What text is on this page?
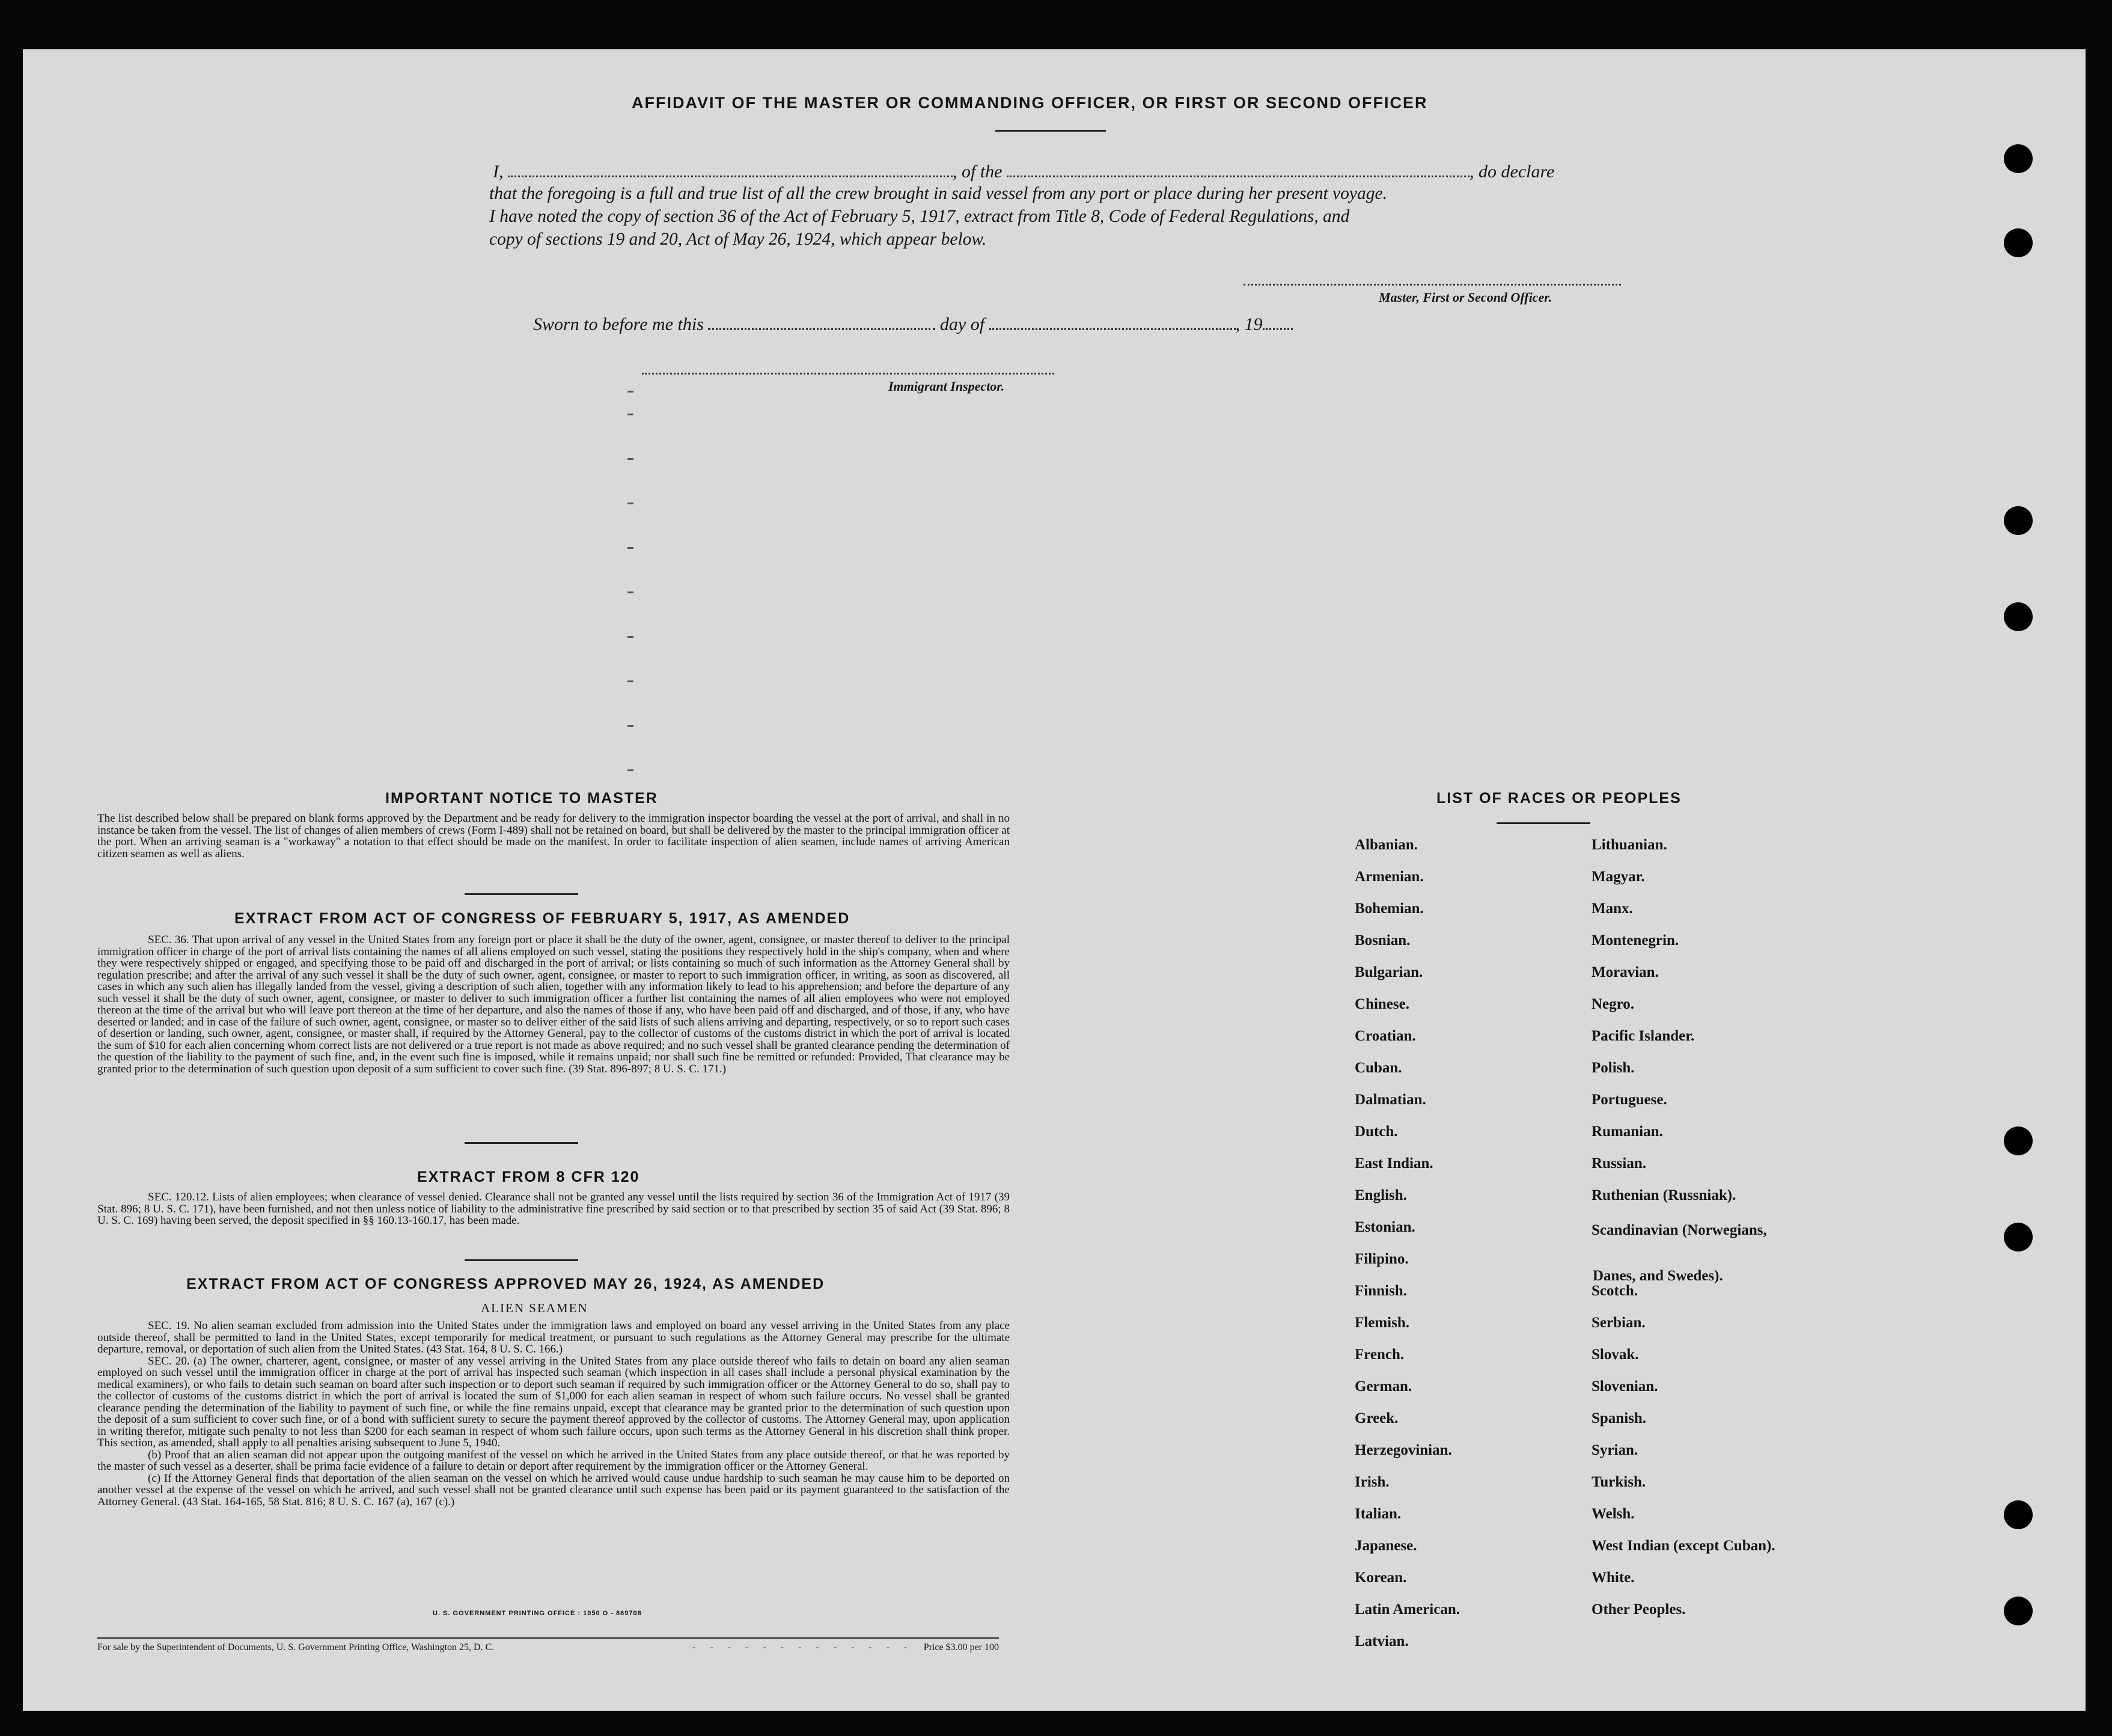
AFFIDAVIT OF THE MASTER OR COMMANDING OFFICER, OR FIRST OR SECOND OFFICER
I,	, of the	, do declare
that the foregoing is a full and true list of all the crew brought in said vessel from any port or place during her present voyage.
I have noted the copy of section 36 of the Act of February 5, 1917, extract from Title 8, Code of Federal Regulations, and
copy of sections 19 and 20, Act of May 26, 1924, which appear below.
Master, First or Second Officer.
Sworn to before me this	day of	, 19
Immigrant Inspector.
IMPORTANT NOTICE TO MASTER
The list described below shall be prepared on blank forms approved by the Department and be ready for delivery to the immigration inspector boarding the vessel at the port of arrival, and shall in no instance be taken from the vessel. The list of changes of alien members of crews (Form I-489) shall not be retained on board, but shall be delivered by the master to the principal immigration officer at the port. When an arriving seaman is a "workaway" a notation to that effect should be made on the manifest. In order to facilitate inspection of alien seamen, include names of arriving American citizen seamen as well as aliens.
EXTRACT FROM ACT OF CONGRESS OF FEBRUARY 5, 1917, AS AMENDED
SEC. 36. That upon arrival of any vessel in the United States from any foreign port or place it shall be the duty of the owner, agent, consignee, or master thereof to deliver to the principal immigration officer in charge of the port of arrival lists containing the names of all aliens employed on such vessel, stating the positions they respectively hold in the ship's company, when and where they were respectively shipped or engaged, and specifying those to be paid off and discharged in the port of arrival; or lists containing so much of such information as the Attorney General shall by regulation prescribe; and after the arrival of any such vessel it shall be the duty of such owner, agent, consignee, or master to report to such immigration officer, in writing, as soon as discovered, all cases in which any such alien has illegally landed from the vessel, giving a description of such alien, together with any information likely to lead to his apprehension; and before the departure of any such vessel it shall be the duty of such owner, agent, consignee, or master to deliver to such immigration officer a further list containing the names of all alien employees who were not employed thereon at the time of the arrival but who will leave port thereon at the time of her departure, and also the names of those if any, who have been paid off and discharged, and of those, if any, who have deserted or landed; and in case of the failure of such owner, agent, consignee, or master so to deliver either of the said lists of such aliens arriving and departing, respectively, or so to report such cases of desertion or landing, such owner, agent, consignee, or master shall, if required by the Attorney General, pay to the collector of customs of the customs district in which the port of arrival is located the sum of $10 for each alien concerning whom correct lists are not delivered or a true report is not made as above required; and no such vessel shall be granted clearance pending the determination of the question of the liability to the payment of such fine, and, in the event such fine is imposed, while it remains unpaid; nor shall such fine be remitted or refunded: Provided, That clearance may be granted prior to the determination of such question upon deposit of a sum sufficient to cover such fine. (39 Stat. 896-897; 8 U. S. C. 171.)
EXTRACT FROM 8 CFR 120
SEC. 120.12. Lists of alien employees; when clearance of vessel denied. Clearance shall not be granted any vessel until the lists required by section 36 of the Immigration Act of 1917 (39 Stat. 896; 8 U. S. C. 171), have been furnished, and not then unless notice of liability to the administrative fine prescribed by said section or to that prescribed by section 35 of said Act (39 Stat. 896; 8 U. S. C. 169) having been served, the deposit specified in §§ 160.13-160.17, has been made.
EXTRACT FROM ACT OF CONGRESS APPROVED MAY 26, 1924, AS AMENDED
ALIEN SEAMEN
SEC. 19. No alien seaman excluded from admission into the United States under the immigration laws and employed on board any vessel arriving in the United States from any place outside thereof, shall be permitted to land in the United States, except temporarily for medical treatment, or pursuant to such regulations as the Attorney General may prescribe for the ultimate departure, removal, or deportation of such alien from the United States. (43 Stat. 164, 8 U. S. C. 166.)
SEC. 20. (a) The owner, charterer, agent, consignee, or master of any vessel arriving in the United States from any place outside thereof who fails to detain on board any alien seaman employed on such vessel until the immigration officer in charge at the port of arrival has inspected such seaman (which inspection in all cases shall include a personal physical examination by the medical examiners), or who fails to detain such seaman on board after such inspection or to deport such seaman if required by such immigration officer or the Attorney General to do so, shall pay to the collector of customs of the customs district in which the port of arrival is located the sum of $1,000 for each alien seaman in respect of whom such failure occurs. No vessel shall be granted clearance pending the determination of the liability to payment of such fine, or while the fine remains unpaid, except that clearance may be granted prior to the determination of such question upon the deposit of a sum sufficient to cover such fine, or of a bond with sufficient surety to secure the payment thereof approved by the collector of customs. The Attorney General may, upon application in writing therefor, mitigate such penalty to not less than $200 for each seaman in respect of whom such failure occurs, upon such terms as the Attorney General in his discretion shall think proper. This section, as amended, shall apply to all penalties arising subsequent to June 5, 1940.
(b) Proof that an alien seaman did not appear upon the outgoing manifest of the vessel on which he arrived in the United States from any place outside thereof, or that he was reported by the master of such vessel as a deserter, shall be prima facie evidence of a failure to detain or deport after requirement by the immigration officer or the Attorney General.
(c) If the Attorney General finds that deportation of the alien seaman on the vessel on which he arrived would cause undue hardship to such seaman he may cause him to be deported on another vessel at the expense of the vessel on which he arrived, and such vessel shall not be granted clearance until such expense has been paid or its payment guaranteed to the satisfaction of the Attorney General. (43 Stat. 164-165, 58 Stat. 816; 8 U. S. C. 167 (a), 167 (c).)
U. S. GOVERNMENT PRINTING OFFICE : 1950 O - 869708
For sale by the Superintendent of Documents, U. S. Government Printing Office, Washington 25, D. C.	- - - - - - - - - - - - - Price $3.00 per 100
LIST OF RACES OR PEOPLES
Albanian.
Armenian.
Bohemian.
Bosnian.
Bulgarian.
Chinese.
Croatian.
Cuban.
Dalmatian.
Dutch.
East Indian.
English.
Estonian.
Filipino.
Finnish.
Flemish.
French.
German.
Greek.
Herzegovinian.
Irish.
Italian.
Japanese.
Korean.
Latin American.
Latvian.
Lithuanian.
Magyar.
Manx.
Montenegrin.
Moravian.
Negro.
Pacific Islander.
Polish.
Portuguese.
Rumanian.
Russian.
Ruthenian (Russniak).
Scandinavian (Norwegians,
Danes, and Swedes).
Scotch.
Serbian.
Slovak.
Slovenian.
Spanish.
Syrian.
Turkish.
Welsh.
West Indian (except Cuban).
White.
Other Peoples.
